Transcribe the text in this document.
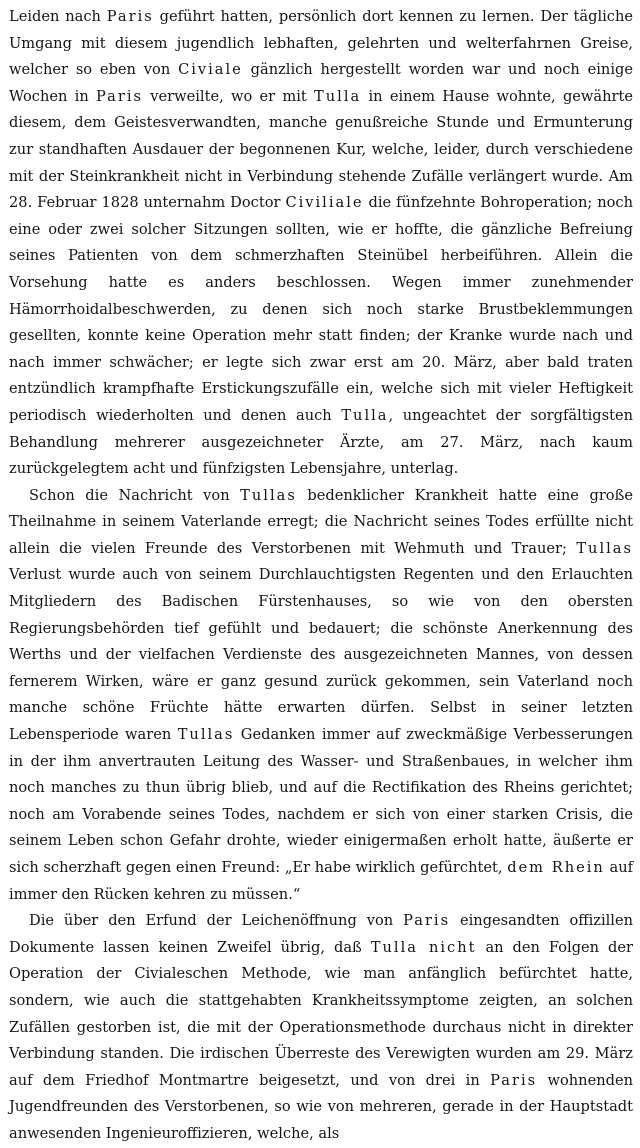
Leiden nach Paris geführt hatten, persönlich dort kennen zu lernen. Der tägliche Umgang mit diesem jugendlich lebhaften, gelehrten und welterfahrnen Greise, welcher so eben von Civiale gänzlich hergestellt worden war und noch einige Wochen in Paris verweilte, wo er mit Tulla in einem Hause wohnte, gewährte diesem, dem Geistesverwandten, manche genußreiche Stunde und Ermunterung zur standhaften Ausdauer der begonnenen Kur, welche, leider, durch verschiedene mit der Steinkrankheit nicht in Verbindung stehende Zufälle verlängert wurde. Am 28. Februar 1828 unternahm Doctor Civiliale die fünfzehnte Bohroperation; noch eine oder zwei solcher Sitzungen sollten, wie er hoffte, die gänzliche Befreiung seines Patienten von dem schmerzhaften Steinübel herbeiführen. Allein die Vorsehung hatte es anders beschlossen. Wegen immer zunehmender Hämorrhoidalbeschwerden, zu denen sich noch starke Brustbeklemmungen gesellten, konnte keine Operation mehr statt finden; der Kranke wurde nach und nach immer schwächer; er legte sich zwar erst am 20. März, aber bald traten entzündlich krampfhafte Erstickungszufälle ein, welche sich mit vieler Heftigkeit periodisch wiederholten und denen auch Tulla, ungeachtet der sorgfältigsten Behandlung mehrerer ausgezeichneter Ärzte, am 27. März, nach kaum zurückgelegtem acht und fünfzigsten Lebensjahre, unterlag.

Schon die Nachricht von Tullas bedenklicher Krankheit hatte eine große Theilnahme in seinem Vaterlande erregt; die Nachricht seines Todes erfüllte nicht allein die vielen Freunde des Verstorbenen mit Wehmuth und Trauer; Tullas Verlust wurde auch von seinem Durchlauchtigsten Regenten und den Erlauchten Mitgliedern des Badischen Fürstenhauses, so wie von den obersten Regierungsbehörden tief gefühlt und bedauert; die schönste Anerkennung des Werths und der vielfachen Verdienste des ausgezeichneten Mannes, von dessen fernerem Wirken, wäre er ganz gesund zurück gekommen, sein Vaterland noch manche schöne Früchte hätte erwarten dürfen. Selbst in seiner letzten Lebensperiode waren Tullas Gedanken immer auf zweckmäßige Verbesserungen in der ihm anvertrauten Leitung des Wasser- und Straßenbaues, in welcher ihm noch manches zu thun übrig blieb, und auf die Rectifikation des Rheins gerichtet; noch am Vorabende seines Todes, nachdem er sich von einer starken Crisis, die seinem Leben schon Gefahr drohte, wieder einigermaßen erholt hatte, äußerte er sich scherzhaft gegen einen Freund: „Er habe wirklich gefürchtet, dem Rhein auf immer den Rücken kehren zu müssen.“

Die über den Erfund der Leichenöffnung von Paris eingesandten offizillen Dokumente lassen keinen Zweifel übrig, daß Tulla nicht an den Folgen der Operation der Civialeschen Methode, wie man anfänglich befürchtet hatte, sondern, wie auch die stattgehabten Krankheitssymptome zeigten, an solchen Zufällen gestorben ist, die mit der Operationsmethode durchaus nicht in direkter Verbindung standen. Die irdischen Überreste des Verewigten wurden am 29. März auf dem Friedhof Montmartre beigesetzt, und von drei in Paris wohnenden Jugendfreunden des Verstorbenen, so wie von mehreren, gerade in der Hauptstadt anwesenden Ingenieuroffizieren, welche, als
